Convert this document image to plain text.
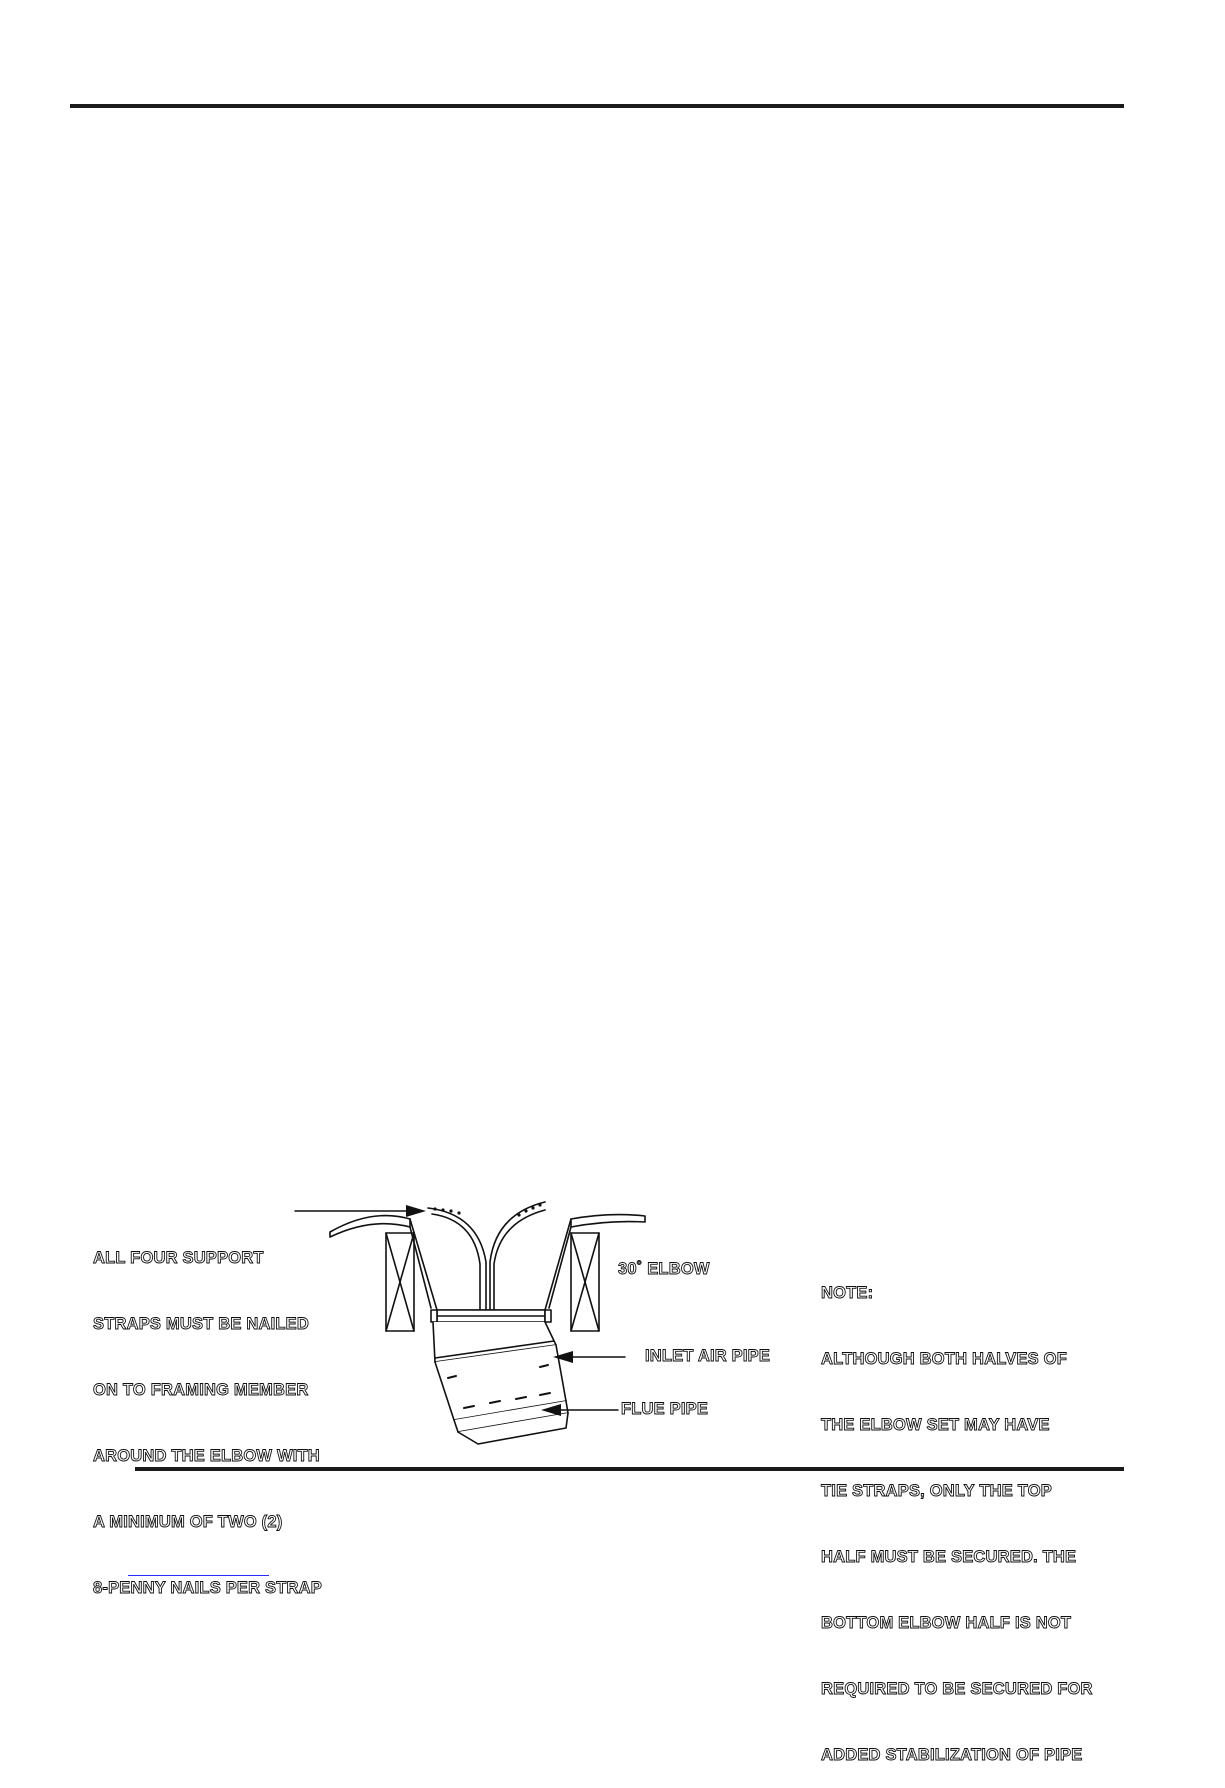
ALL FOUR SUPPORT

STRAPS MUST BE NAILED

ON TO FRAMING MEMBER

AROUND THE ELBOW WITH

A MINIMUM OF TWO (2)

8-PENNY NAILS PER STRAP

30˚ ELBOW
INLET AIR PIPE
FLUE PIPE

NOTE:

ALTHOUGH BOTH HALVES OF

THE ELBOW SET MAY HAVE

TIE STRAPS, ONLY THE TOP

HALF MUST BE SECURED. THE

BOTTOM ELBOW HALF IS NOT

REQUIRED TO BE SECURED FOR

ADDED STABILIZATION OF PIPE
